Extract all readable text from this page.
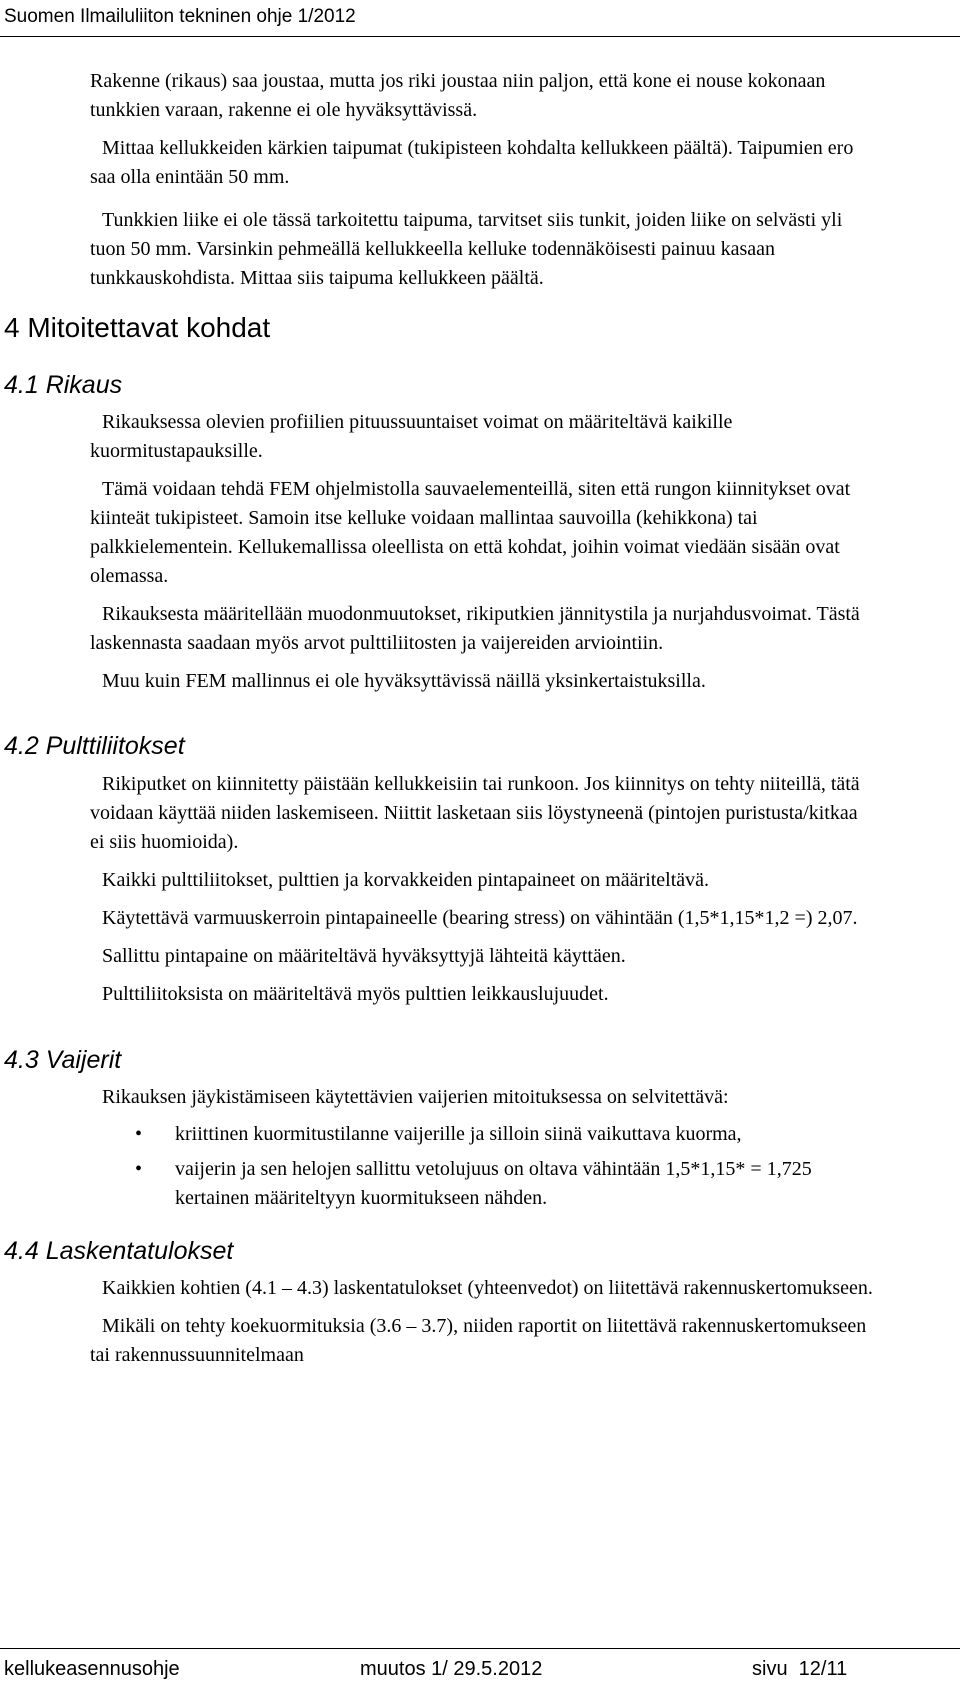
Suomen Ilmailuliiton tekninen ohje 1/2012

Rakenne (rikaus) saa joustaa, mutta jos riki joustaa niin paljon, että kone ei nouse kokonaan tunkkien varaan, rakenne ei ole hyväksyttävissä.

Mittaa kellukkeiden kärkien taipumat (tukipisteen kohdalta kellukkeen päältä). Taipumien ero saa olla enintään 50 mm.

Tunkkien liike ei ole tässä tarkoitettu taipuma, tarvitset siis tunkit, joiden liike on selvästi yli tuon 50 mm. Varsinkin pehmeällä kellukkeella kelluke todennäköisesti painuu kasaan tunkkauskohdista. Mittaa siis taipuma kellukkeen päältä.

4 Mitoitettavat kohdat
4.1 Rikaus

Rikauksessa olevien profiilien pituussuuntaiset voimat on määriteltävä kaikille kuormitustapauksille.

Tämä voidaan tehdä FEM ohjelmistolla sauvaelementeillä, siten että rungon kiinnitykset ovat kiinteät tukipisteet. Samoin itse kelluke voidaan mallintaa sauvoilla (kehikkona) tai palkkielementein. Kellukemallissa oleellista on että kohdat, joihin voimat viedään sisään ovat olemassa.

Rikauksesta määritellään muodonmuutokset, rikiputkien jännitystila ja nurjahdusvoimat. Tästä laskennasta saadaan myös arvot pulttiliitosten ja vaijereiden arviointiin.

Muu kuin FEM mallinnus ei ole hyväksyttävissä näillä yksinkertaistuksilla.

4.2 Pulttiliitokset

Rikiputket on kiinnitetty päistään kellukkeisiin tai runkoon. Jos kiinnitys on tehty niiteillä, tätä voidaan käyttää niiden laskemiseen. Niittit lasketaan siis löystyneenä (pintojen puristusta/kitkaa ei siis huomioida).

Kaikki pulttiliitokset, pulttien ja korvakkeiden pintapaineet on määriteltävä.

Käytettävä varmuuskerroin pintapaineelle (bearing stress) on vähintään (1,5*1,15*1,2 =) 2,07.

Sallittu pintapaine on määriteltävä hyväksyttyjä lähteitä käyttäen.

Pulttiliitoksista on määriteltävä myös pulttien leikkauslujuudet.

4.3 Vaijerit

Rikauksen jäykistämiseen käytettävien vaijerien mitoituksessa on selvitettävä:

• kriittinen kuormitustilanne vaijerille ja silloin siinä vaikuttava kuorma,
• vaijerin ja sen helojen sallittu vetolujuus on oltava vähintään 1,5*1,15* = 1,725 kertainen määriteltyyn kuormitukseen nähden.
4.4 Laskentatulokset

Kaikkien kohtien (4.1 – 4.3) laskentatulokset (yhteenvedot) on liitettävä rakennuskertomukseen.

Mikäli on tehty koekuormituksia (3.6 – 3.7), niiden raportit on liitettävä rakennuskertomukseen tai rakennussuunnitelmaan

kellukeasennusohje	muutos 1/ 29.5.2012	sivu  12/11
